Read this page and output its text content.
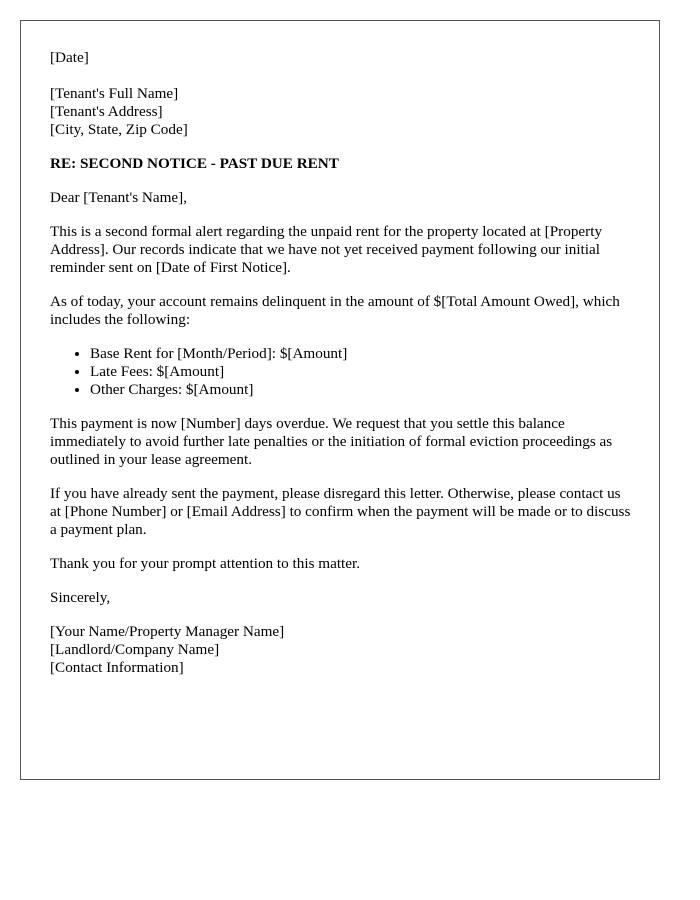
[Date]

[Tenant's Full Name]
[Tenant's Address]
[City, State, Zip Code]

RE: SECOND NOTICE - PAST DUE RENT

Dear [Tenant's Name],

This is a second formal alert regarding the unpaid rent for the property located at [Property Address]. Our records indicate that we have not yet received payment following our initial reminder sent on [Date of First Notice].

As of today, your account remains delinquent in the amount of $[Total Amount Owed], which includes the following:

• Base Rent for [Month/Period]: $[Amount]
• Late Fees: $[Amount]
• Other Charges: $[Amount]

This payment is now [Number] days overdue. We request that you settle this balance immediately to avoid further late penalties or the initiation of formal eviction proceedings as outlined in your lease agreement.

If you have already sent the payment, please disregard this letter. Otherwise, please contact us at [Phone Number] or [Email Address] to confirm when the payment will be made or to discuss a payment plan.

Thank you for your prompt attention to this matter.

Sincerely,

[Your Name/Property Manager Name]
[Landlord/Company Name]
[Contact Information]
